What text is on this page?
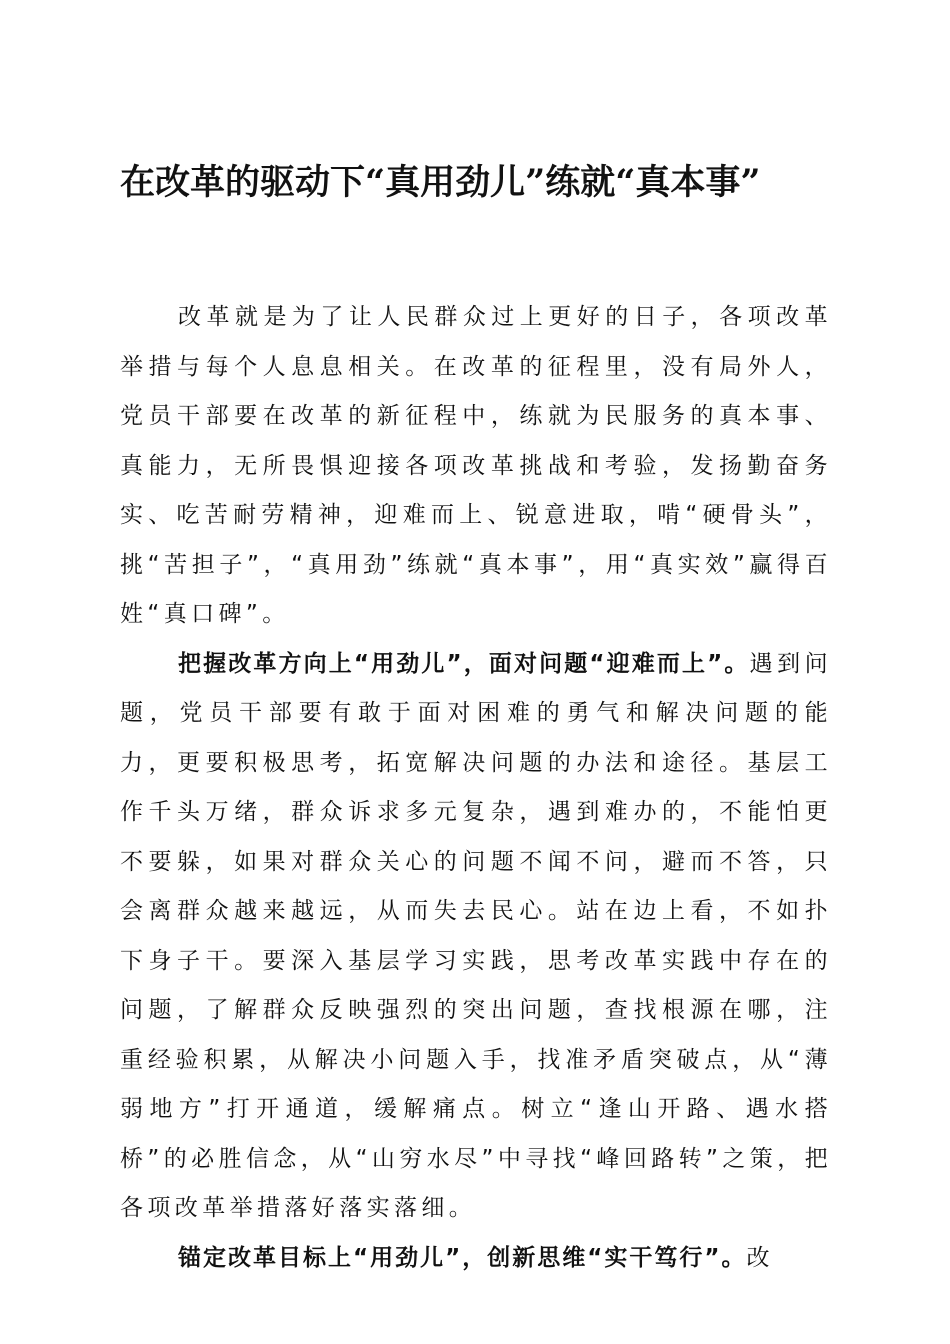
在改革的驱动下“真用劲儿”练就“真本事”

改革就是为了让人民群众过上更好的日子，各项改革举措与每个人息息相关。在改革的征程里，没有局外人，党员干部要在改革的新征程中，练就为民服务的真本事、真能力，无所畏惧迎接各项改革挑战和考验，发扬勤奋务实、吃苦耐劳精神，迎难而上、锐意进取，啃“硬骨头”，挑“苦担子”，“真用劲”练就“真本事”，用“真实效”赢得百姓“真口碑”。

把握改革方向上“用劲儿”，面对问题“迎难而上”。遇到问题，党员干部要有敢于面对困难的勇气和解决问题的能力，更要积极思考，拓宽解决问题的办法和途径。基层工作千头万绪，群众诉求多元复杂，遇到难办的，不能怕更不要躲，如果对群众关心的问题不闻不问，避而不答，只会离群众越来越远，从而失去民心。站在边上看，不如扑下身子干。要深入基层学习实践，思考改革实践中存在的问题，了解群众反映强烈的突出问题，查找根源在哪，注重经验积累，从解决小问题入手，找准矛盾突破点，从“薄弱地方”打开通道，缓解痛点。树立“逢山开路、遇水搭桥”的必胜信念，从“山穷水尽”中寻找“峰回路转”之策，把各项改革举措落好落实落细。

锚定改革目标上“用劲儿”，创新思维“实干笃行”。改
